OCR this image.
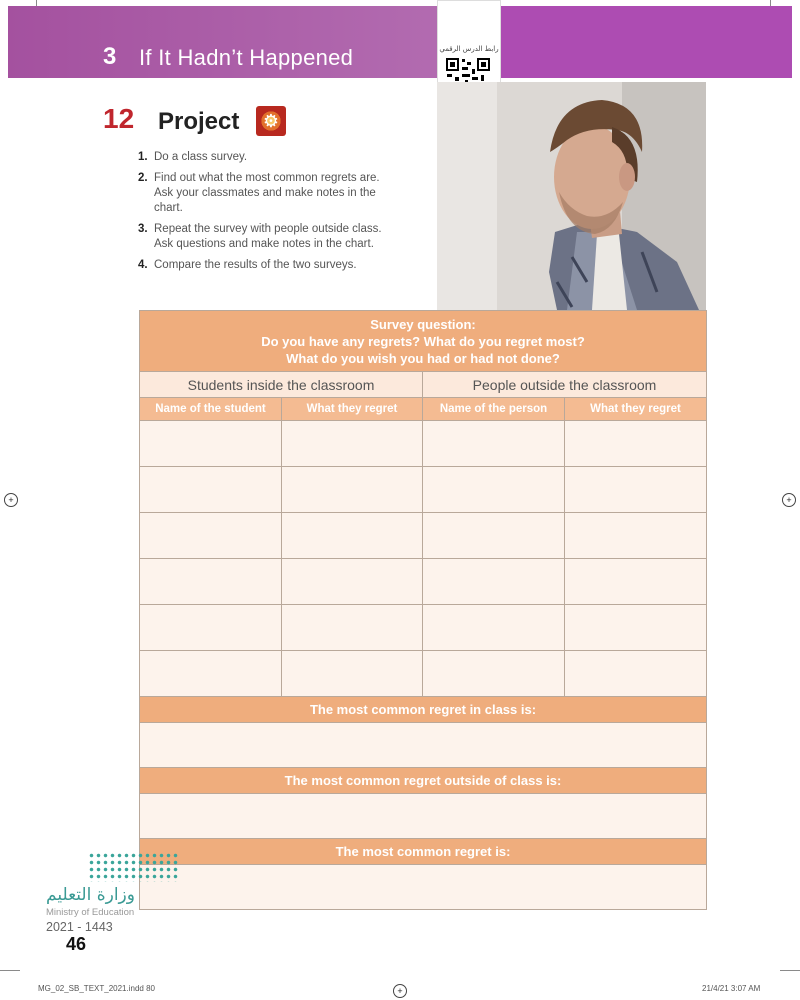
+	+
+
3 If It Hadn’t Happened	رابط الدرس الرقمي
12 Project	⚙
1. Do a class survey.
2. Find out what the most common regrets are. Ask your classmates and make notes in the chart.
3. Repeat the survey with people outside class. Ask questions and make notes in the chart.
4. Compare the results of the two surveys.
Survey question:
Do you have any regrets? What do you regret most?
What do you wish you had or had not done?			

Students inside the classroom		People outside the classroom	
Name of the student	What they regret	Name of the person	What they regret

The most common regret in class is:			

The most common regret outside of class is:			

The most common regret is:			

وزارة التعليم
Ministry of Education
2021 - 1443
46
MG_02_SB_TEXT_2021.indd 80	21/4/21 3:07 AM
